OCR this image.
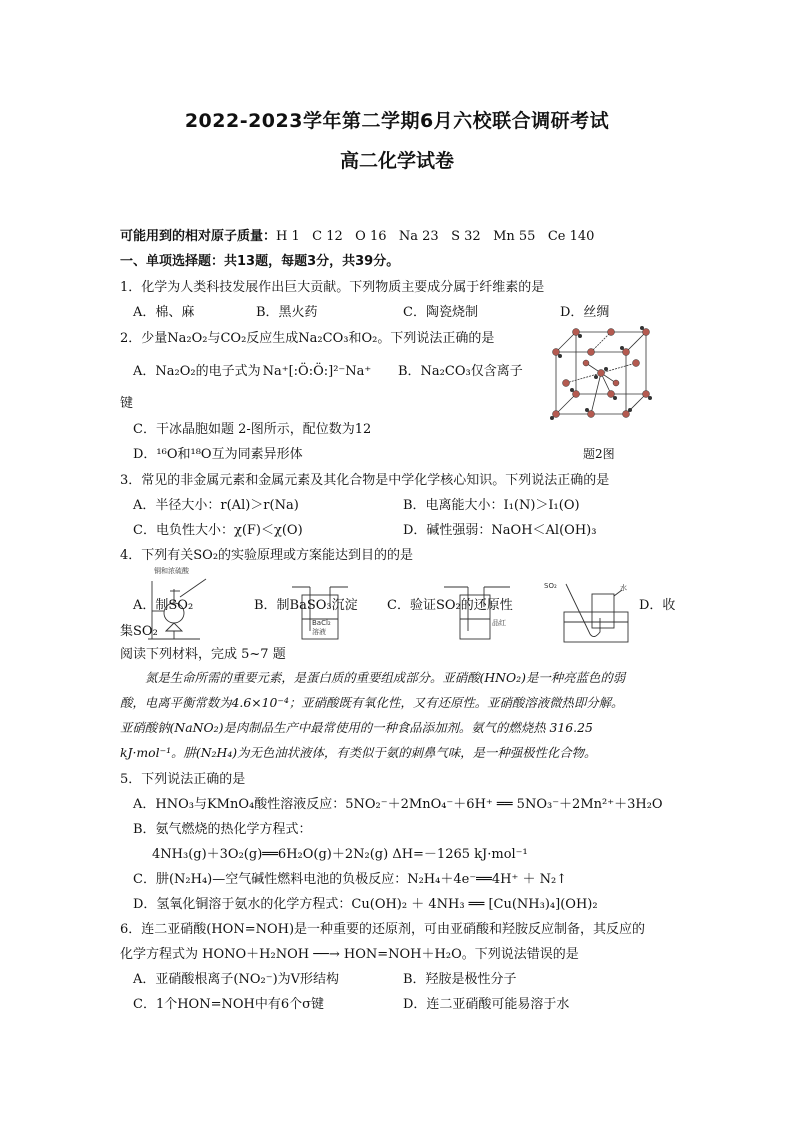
2022-2023学年第二学期6月六校联合调研考试
高二化学试卷
可能用到的相对原子质量：H 1   C 12   O 16   Na 23   S 32   Mn 55   Ce 140
一、单项选择题：共13题，每题3分，共39分。
1．化学为人类科技发展作出巨大贡献。下列物质主要成分属于纤维素的是
A．棉、麻	B．黑火药	C．陶瓷烧制	D．丝绸
2．少量Na₂O₂与CO₂反应生成Na₂CO₃和O₂。下列说法正确的是
A．Na₂O₂的电子式为 Na⁺[:Ö:Ö:]²⁻Na⁺ B．Na₂CO₃仅含离子
键
C．干冰晶胞如题 2-图所示，配位数为12
D．¹⁶O和¹⁸O互为同素异形体	题2图
3．常见的非金属元素和金属元素及其化合物是中学化学核心知识。下列说法正确的是
A．半径大小：r(Al)＞r(Na)	B．电离能大小：I₁(N)＞I₁(O)
C．电负性大小：χ(F)＜χ(O)	D．碱性强弱：NaOH＜Al(OH)₃
4．下列有关SO₂的实验原理或方案能达到目的的是
铜和浓硫酸
BaCl₂
溶液
品红
SO₂	水
A．制SO₂	B．制BaSO₃沉淀 C．验证SO₂的还原性	D．收
集SO₂
阅读下列材料，完成 5~7 题
氮是生命所需的重要元素，是蛋白质的重要组成部分。亚硝酸(HNO₂)是一种亮蓝色的弱
酸，电离平衡常数为4.6×10⁻⁴；亚硝酸既有氧化性，又有还原性。亚硝酸溶液微热即分解。
亚硝酸钠(NaNO₂)是肉制品生产中最常使用的一种食品添加剂。氨气的燃烧热 316.25
kJ·mol⁻¹。肼(N₂H₄)为无色油状液体，有类似于氨的刺鼻气味，是一种强极性化合物。
5．下列说法正确的是
A．HNO₃与KMnO₄酸性溶液反应：5NO₂⁻＋2MnO₄⁻＋6H⁺ ══ 5NO₃⁻＋2Mn²⁺＋3H₂O
B．氨气燃烧的热化学方程式：
4NH₃(g)＋3O₂(g)══6H₂O(g)＋2N₂(g) ΔH=－1265 kJ·mol⁻¹
C．肼(N₂H₄)—空气碱性燃料电池的负极反应：N₂H₄＋4e⁻══4H⁺ ＋ N₂↑
D．氢氧化铜溶于氨水的化学方程式：Cu(OH)₂ ＋ 4NH₃ ══ [Cu(NH₃)₄](OH)₂
6．连二亚硝酸(HON=NOH)是一种重要的还原剂，可由亚硝酸和羟胺反应制备，其反应的
化学方程式为 HONO＋H₂NOH ──→ HON=NOH＋H₂O。下列说法错误的是
A．亚硝酸根离子(NO₂⁻)为V形结构	B．羟胺是极性分子
C．1个HON=NOH中有6个σ键	D．连二亚硝酸可能易溶于水
